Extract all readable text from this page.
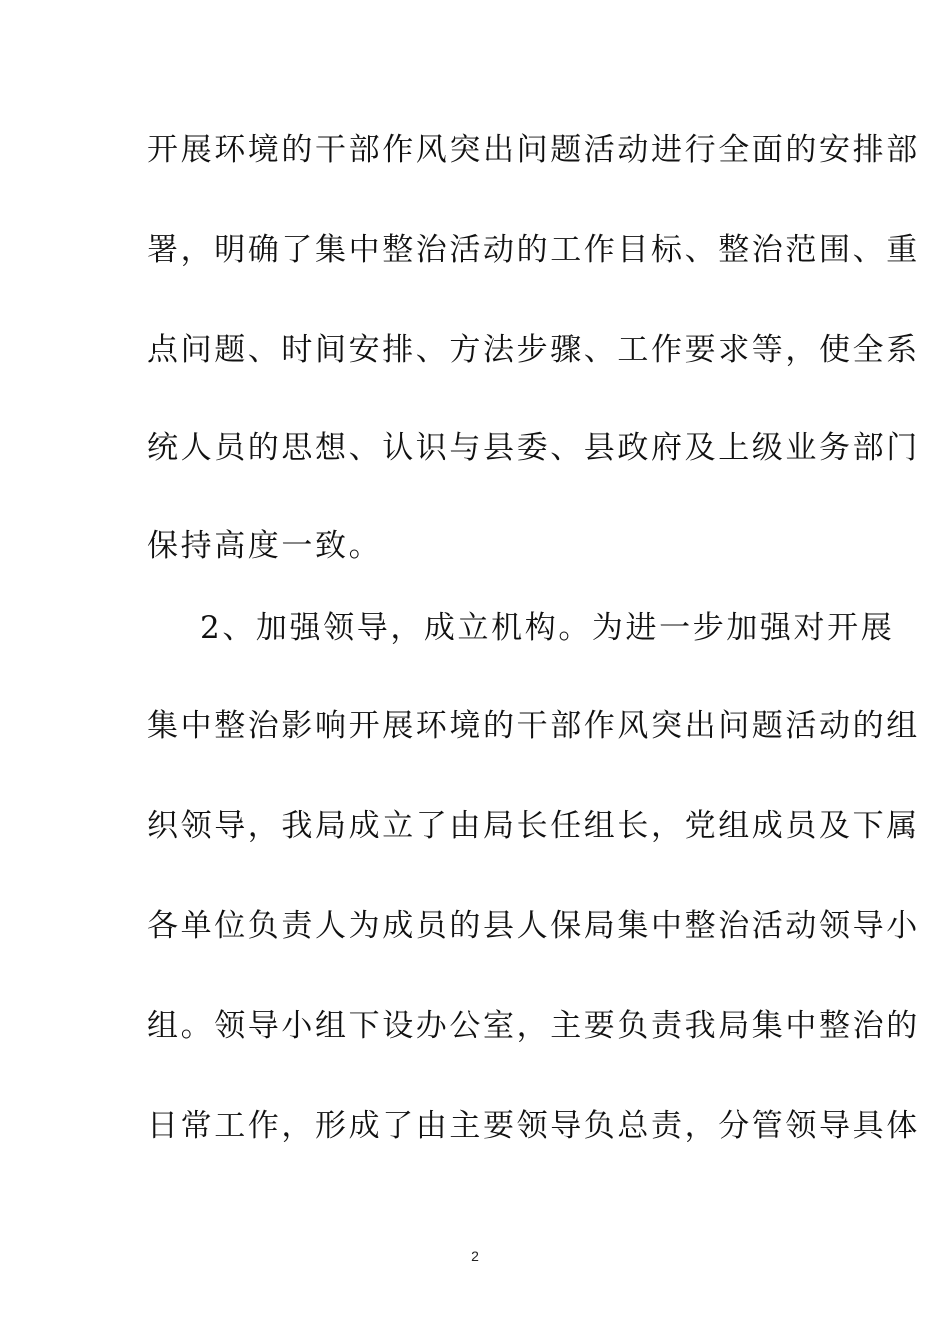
开展环境的干部作风突出问题活动进行全面的安排部
署，明确了集中整治活动的工作目标、整治范围、重
点问题、时间安排、方法步骤、工作要求等，使全系
统人员的思想、认识与县委、县政府及上级业务部门
保持高度一致。
2、加强领导，成立机构。为进一步加强对开展
集中整治影响开展环境的干部作风突出问题活动的组
织领导，我局成立了由局长任组长，党组成员及下属
各单位负责人为成员的县人保局集中整治活动领导小
组。领导小组下设办公室，主要负责我局集中整治的
日常工作，形成了由主要领导负总责，分管领导具体
2
